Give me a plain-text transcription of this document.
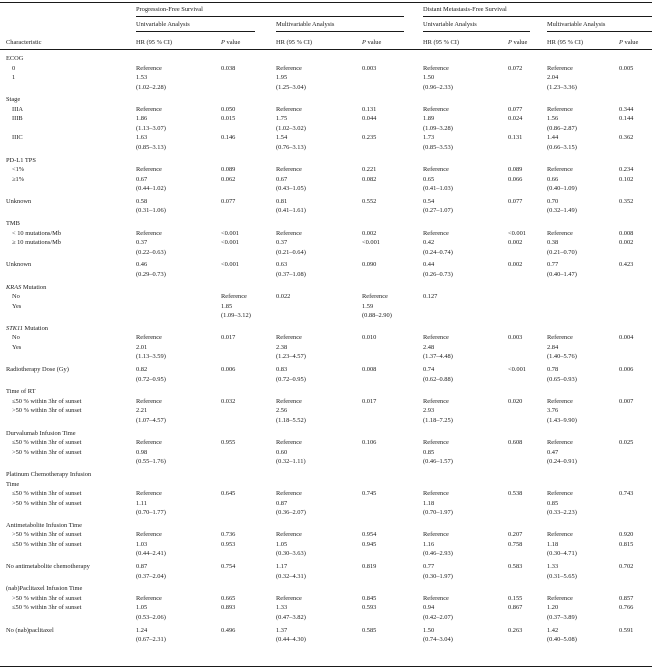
Progression-Free Survival	Distant Metastasis-Free Survival
Univariable Analysis	Multivariable Analysis	Univariable Analysis	Multivariable Analysis
Characteristic	HR (95 % CI)	P value	HR (95 % CI)	P value	HR (95 % CI)	P value	HR (95 % CI)	P value
ECOG
0	Reference	0.038	Reference	0.003	Reference	0.072	Reference	0.005
1	1.53	1.95	1.50	2.04
(1.02–2.28)	(1.25–3.04)	(0.96–2.33)	(1.23–3.36)
Stage
IIIA	Reference	0.050	Reference	0.131	Reference	0.077	Reference	0.344
IIIB	1.86	0.015	1.75	0.044	1.89	0.024	1.56	0.144
(1.13–3.07)	(1.02–3.02)	(1.09–3.28)	(0.86–2.87)
IIIC	1.63	0.146	1.54	0.235	1.73	0.131	1.44	0.362
(0.85–3.13)	(0.76–3.13)	(0.85–3.53)	(0.66–3.15)
PD-L1 TPS
<1%	Reference	0.089	Reference	0.221	Reference	0.089	Reference	0.234
≥1%	0.67	0.062	0.67	0.082	0.65	0.066	0.66	0.102
(0.44–1.02)	(0.43–1.05)	(0.41–1.03)	(0.40–1.09)
Unknown	0.58	0.077	0.81	0.552	0.54	0.077	0.70	0.352
(0.31–1.06)	(0.41–1.61)	(0.27–1.07)	(0.32–1.49)
TMB
< 10 mutations/Mb	Reference	<0.001	Reference	0.002	Reference	<0.001	Reference	0.008
≥ 10 mutations/Mb	0.37	<0.001	0.37	<0.001	0.42	0.002	0.38	0.002
(0.22–0.63)	(0.21–0.64)	(0.24–0.74)	(0.21–0.70)
Unknown	0.46	<0.001	0.63	0.090	0.44	0.002	0.77	0.423
(0.29–0.73)	(0.37–1.08)	(0.26–0.73)	(0.40–1.47)
KRAS Mutation
No	Reference	0.022	Reference	0.127
Yes	1.85	1.59
(1.09–3.12)	(0.88–2.90)
STK11 Mutation
No	Reference	0.017	Reference	0.010	Reference	0.003	Reference	0.004
Yes	2.01	2.38	2.48	2.84
(1.13–3.59)	(1.23–4.57)	(1.37–4.48)	(1.40–5.76)
Radiotherapy Dose (Gy)	0.82	0.006	0.83	0.008	0.74	<0.001	0.78	0.006
(0.72–0.95)	(0.72–0.95)	(0.62–0.88)	(0.65–0.93)
Time of RT
≤50 % within 3hr of sunset	Reference	0.032	Reference	0.017	Reference	0.020	Reference	0.007
>50 % within 3hr of sunset	2.21	2.56	2.93	3.76
(1.07–4.57)	(1.18–5.52)	(1.18–7.25)	(1.43–9.90)
Durvalumab Infusion Time
≤50 % within 3hr of sunset	Reference	0.955	Reference	0.106	Reference	0.608	Reference	0.025
>50 % within 3hr of sunset	0.98	0.60	0.85	0.47
(0.55–1.76)	(0.32–1.11)	(0.46–1.57)	(0.24–0.91)
Platinum Chemotherapy Infusion
Time
≤50 % within 3hr of sunset	Reference	0.645	Reference	0.745	Reference	0.538	Reference	0.743
>50 % within 3hr of sunset	1.11	0.87	1.18	0.85
(0.70–1.77)	(0.36–2.07)	(0.70–1.97)	(0.33–2.23)
Antimetabolite Infusion Time
>50 % within 3hr of sunset	Reference	0.736	Reference	0.954	Reference	0.207	Reference	0.920
≤50 % within 3hr of sunset	1.03	0.953	1.05	0.945	1.16	0.758	1.18	0.815
(0.44–2.41)	(0.30–3.63)	(0.46–2.93)	(0.30–4.71)
No antimetabolite chemotherapy	0.87	0.754	1.17	0.819	0.77	0.583	1.33	0.702
(0.37–2.04)	(0.32–4.31)	(0.30–1.97)	(0.31–5.65)
(nab)Paclitaxel Infusion Time
>50 % within 3hr of sunset	Reference	0.665	Reference	0.845	Reference	0.155	Reference	0.857
≤50 % within 3hr of sunset	1.05	0.893	1.33	0.593	0.94	0.867	1.20	0.766
(0.53–2.06)	(0.47–3.82)	(0.42–2.07)	(0.37–3.89)
No (nab)paclitaxel	1.24	0.496	1.37	0.585	1.50	0.263	1.42	0.591
(0.67–2.31)	(0.44–4.30)	(0.74–3.04)	(0.40–5.08)
